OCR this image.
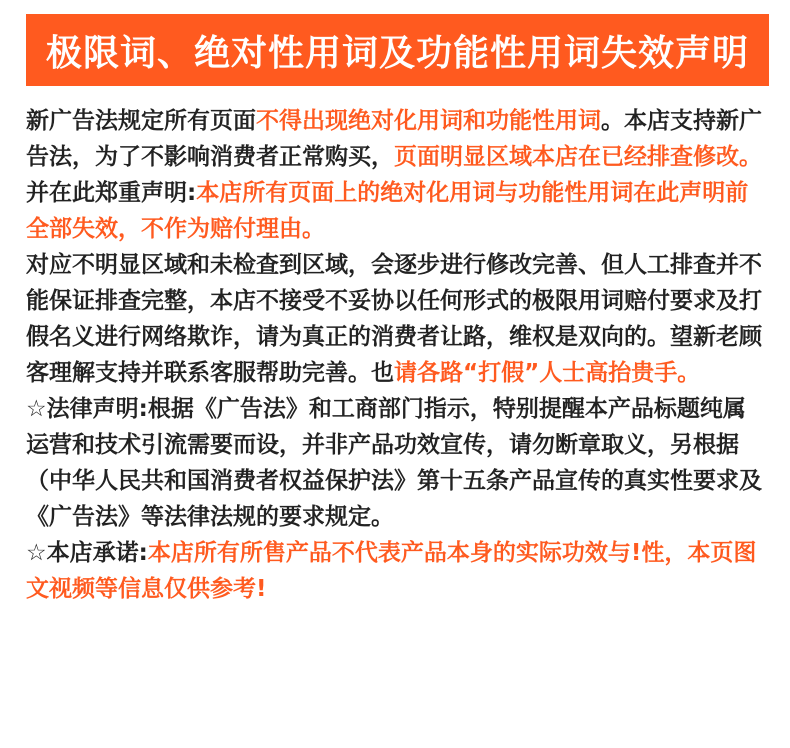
极限词、绝对性用词及功能性用词失效声明

新广告法规定所有页面不得出现绝对化用词和功能性用词。本店支持新广告法，为了不影响消费者正常购买，页面明显区域本店在已经排查修改。

并在此郑重声明:本店所有页面上的绝对化用词与功能性用词在此声明前全部失效，不作为赔付理由。

对应不明显区域和未检查到区域，会逐步进行修改完善、但人工排查并不能保证排查完整，本店不接受不妥协以任何形式的极限用词赔付要求及打假名义进行网络欺诈，请为真正的消费者让路，维权是双向的。望新老顾客理解支持并联系客服帮助完善。也请各路“打假”人士高抬贵手。

☆法律声明:根据《广告法》和工商部门指示，特别提醒本产品标题纯属运营和技术引流需要而设，并非产品功效宣传，请勿断章取义，另根据（中华人民共和国消费者权益保护法》第十五条产品宣传的真实性要求及《广告法》等法律法规的要求规定。

☆本店承诺:本店所有所售产品不代表产品本身的实际功效与!性，本页图文视频等信息仅供参考!
